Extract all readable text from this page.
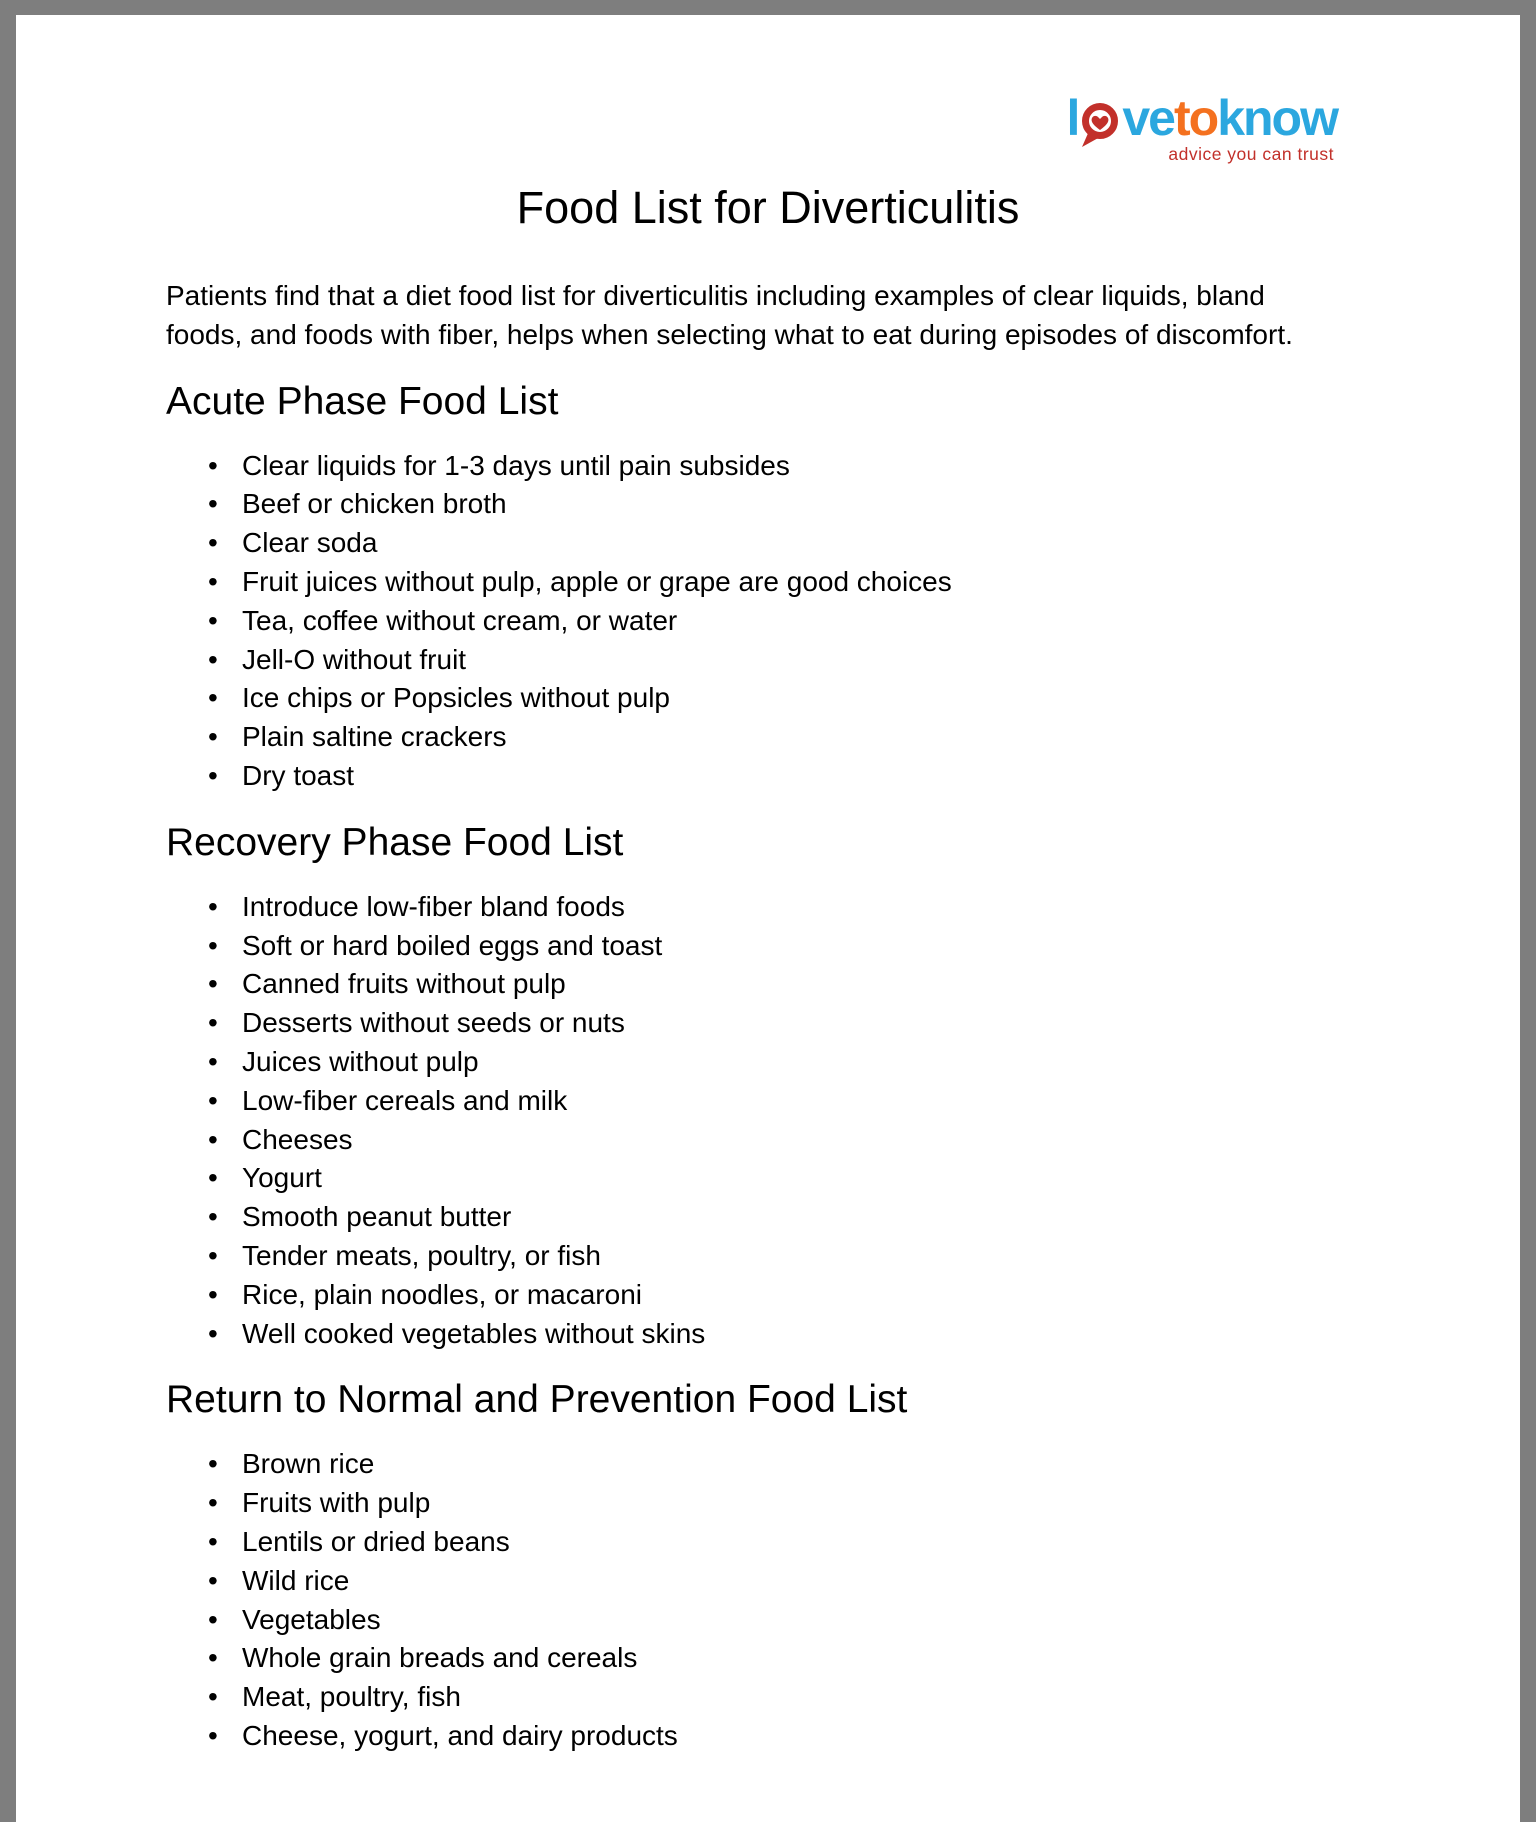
l ve to know
advice you can trust
Food List for Diverticulitis

Patients find that a diet food list for diverticulitis including examples of clear liquids, bland foods, and foods with fiber, helps when selecting what to eat during episodes of discomfort.

Acute Phase Food List
• Clear liquids for 1-3 days until pain subsides
• Beef or chicken broth
• Clear soda
• Fruit juices without pulp, apple or grape are good choices
• Tea, coffee without cream, or water
• Jell-O without fruit
• Ice chips or Popsicles without pulp
• Plain saltine crackers
• Dry toast
Recovery Phase Food List
• Introduce low-fiber bland foods
• Soft or hard boiled eggs and toast
• Canned fruits without pulp
• Desserts without seeds or nuts
• Juices without pulp
• Low-fiber cereals and milk
• Cheeses
• Yogurt
• Smooth peanut butter
• Tender meats, poultry, or fish
• Rice, plain noodles, or macaroni
• Well cooked vegetables without skins
Return to Normal and Prevention Food List
• Brown rice
• Fruits with pulp
• Lentils or dried beans
• Wild rice
• Vegetables
• Whole grain breads and cereals
• Meat, poultry, fish
• Cheese, yogurt, and dairy products
